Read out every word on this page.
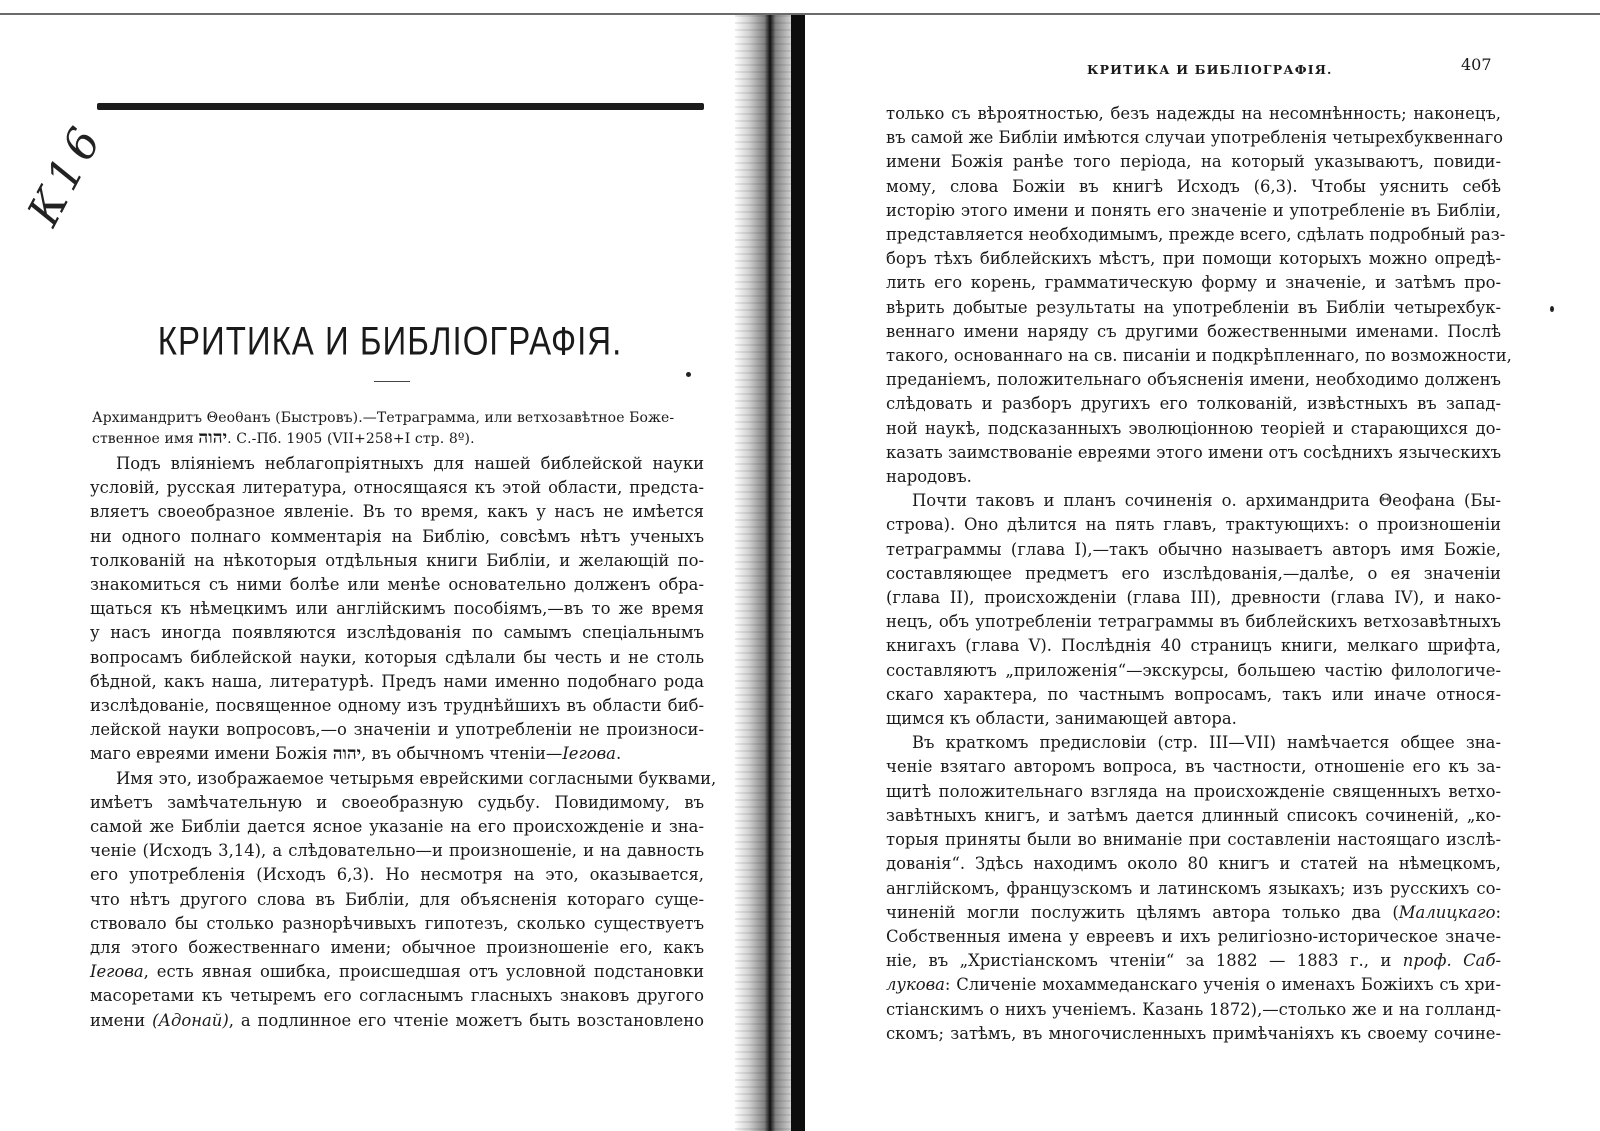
К16
КРИТИКА И БИБЛІОГРАФІЯ.
Архимандритъ Θеоθанъ (Быстровъ).—Тетраграмма, или ветхозавѣтное Боже-
ственное имя יהוה. С.-Пб. 1905 (VII+258+I стр. 8º).
Подъ вліяніемъ неблагопріятныхъ для нашей библейской науки
условій, русская литература, относящаяся къ этой области, предста-
вляетъ своеобразное явленіе. Въ то время, какъ у насъ не имѣется
ни одного полнаго комментарія на Библію, совсѣмъ нѣтъ ученыхъ
толкованій на нѣкоторыя отдѣльныя книги Библіи, и желающій по-
знакомиться съ ними болѣе или менѣе основательно долженъ обра-
щаться къ нѣмецкимъ или англійскимъ пособіямъ,—въ то же время
у насъ иногда появляются изслѣдованія по самымъ спеціальнымъ
вопросамъ библейской науки, которыя сдѣлали бы честь и не столь
бѣдной, какъ наша, литературѣ. Предъ нами именно подобнаго рода
изслѣдованіе, посвященное одному изъ труднѣйшихъ въ области биб-
лейской науки вопросовъ,—о значеніи и употребленіи не произноси-
маго евреями имени Божія יהוה, въ обычномъ чтеніи—Іегова.
Имя это, изображаемое четырьмя еврейскими согласными буквами,
имѣетъ замѣчательную и своеобразную судьбу. Повидимому, въ
самой же Библіи дается ясное указаніе на его происхожденіе и зна-
ченіе (Исходъ 3,14), а слѣдовательно—и произношеніе, и на давность
его употребленія (Исходъ 6,3). Но несмотря на это, оказывается,
что нѣтъ другого слова въ Библіи, для объясненія котораго суще-
ствовало бы столько разнорѣчивыхъ гипотезъ, сколько существуетъ
для этого божественнаго имени; обычное произношеніе его, какъ
Іегова, есть явная ошибка, происшедшая отъ условной подстановки
масоретами къ четыремъ его согласнымъ гласныхъ знаковъ другого
имени (Адонай), а подлинное его чтеніе можетъ быть возстановлено
КРИТИКА И БИБЛІОГРАФІЯ.	407
только съ вѣроятностью, безъ надежды на несомнѣнность; наконецъ,
въ самой же Библіи имѣются случаи употребленія четырехбуквеннаго
имени Божія ранѣе того періода, на который указываютъ, повиди-
мому, слова Божіи въ книгѣ Исходъ (6,3). Чтобы уяснить себѣ
исторію этого имени и понять его значеніе и употребленіе въ Библіи,
представляется необходимымъ, прежде всего, сдѣлать подробный раз-
боръ тѣхъ библейскихъ мѣстъ, при помощи которыхъ можно опредѣ-
лить его корень, грамматическую форму и значеніе, и затѣмъ про-
вѣрить добытые результаты на употребленіи въ Библіи четырехбук-
веннаго имени наряду съ другими божественными именами. Послѣ
такого, основаннаго на св. писаніи и подкрѣпленнаго, по возможности,
преданіемъ, положительнаго объясненія имени, необходимо долженъ
слѣдовать и разборъ другихъ его толкованій, извѣстныхъ въ запад-
ной наукѣ, подсказанныхъ эволюціонною теоріей и старающихся до-
казать заимствованіе евреями этого имени отъ сосѣднихъ языческихъ
народовъ.
Почти таковъ и планъ сочиненія о. архимандрита Θеофана (Бы-
строва). Оно дѣлится на пять главъ, трактующихъ: о произношеніи
тетраграммы (глава I),—такъ обычно называетъ авторъ имя Божіе,
составляющее предметъ его изслѣдованія,—далѣе, о ея значеніи
(глава II), происхожденіи (глава III), древности (глава IV), и нако-
нецъ, объ употребленіи тетраграммы въ библейскихъ ветхозавѣтныхъ
книгахъ (глава V). Послѣднія 40 страницъ книги, мелкаго шрифта,
составляютъ „приложенія“—экскурсы, большею частію филологиче-
скаго характера, по частнымъ вопросамъ, такъ или иначе относя-
щимся къ области, занимающей автора.
Въ краткомъ предисловіи (стр. III—VII) намѣчается общее зна-
ченіе взятаго авторомъ вопроса, въ частности, отношеніе его къ за-
щитѣ положительнаго взгляда на происхожденіе священныхъ ветхо-
завѣтныхъ книгъ, и затѣмъ дается длинный списокъ сочиненій, „ко-
торыя приняты были во вниманіе при составленіи настоящаго изслѣ-
дованія“. Здѣсь находимъ около 80 книгъ и статей на нѣмецкомъ,
англійскомъ, французскомъ и латинскомъ языкахъ; изъ русскихъ со-
чиненій могли послужить цѣлямъ автора только два (Малицкаго:
Собственныя имена у евреевъ и ихъ религіозно-историческое значе-
ніе, въ „Христіанскомъ чтеніи“ за 1882 — 1883 г., и проф. Саб-
лукова: Сличеніе мохаммеданскаго ученія о именахъ Божіихъ съ хри-
стіанскимъ о нихъ ученіемъ. Казань 1872),—столько же и на голланд-
скомъ; затѣмъ, въ многочисленныхъ примѣчаніяхъ къ своему сочине-
